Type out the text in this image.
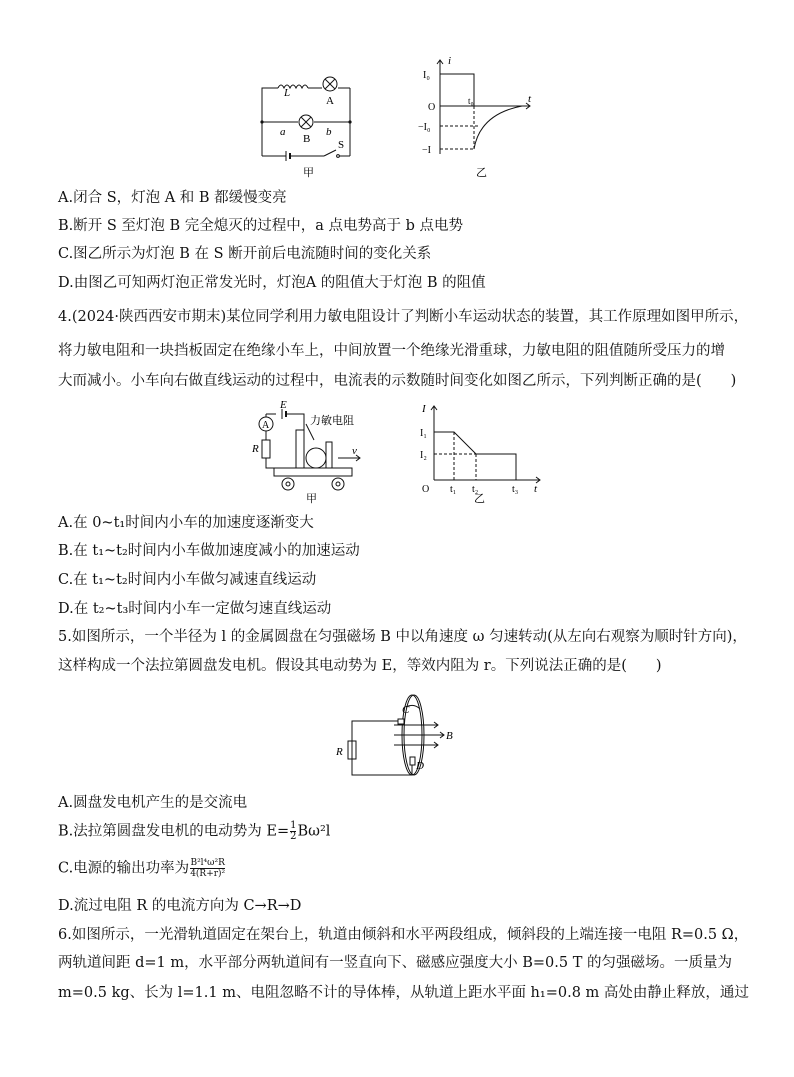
L
A
B
a	b
S
甲
i
I₀
O
t₀	t
−I₀
−I
乙
A.闭合 S，灯泡 A 和 B 都缓慢变亮
B.断开 S 至灯泡 B 完全熄灭的过程中，a 点电势高于 b 点电势
C.图乙所示为灯泡 B 在 S 断开前后电流随时间的变化关系
D.由图乙可知两灯泡正常发光时，灯泡A 的阻值大于灯泡 B 的阻值
4.(2024·陕西西安市期末)某位同学利用力敏电阻设计了判断小车运动状态的装置，其工作原理如图甲所示，
将力敏电阻和一块挡板固定在绝缘小车上，中间放置一个绝缘光滑重球，力敏电阻的阻值随所受压力的增
大而减小。小车向右做直线运动的过程中，电流表的示数随时间变化如图乙所示，下列判断正确的是(　　)
A
E
力敏电阻
R	v
甲
I
I₁
I₂
O t₁ t₂	t₃ t
乙
A.在 0~t₁时间内小车的加速度逐渐变大
B.在 t₁~t₂时间内小车做加速度减小的加速运动
C.在 t₁~t₂时间内小车做匀减速直线运动
D.在 t₂~t₃时间内小车一定做匀速直线运动
5.如图所示，一个半径为 l 的金属圆盘在匀强磁场 B 中以角速度 ω 匀速转动(从左向右观察为顺时针方向)，
这样构成一个法拉第圆盘发电机。假设其电动势为 E，等效内阻为 r。下列说法正确的是(　　)
R
C
B
D
A.圆盘发电机产生的是交流电
B.法拉第圆盘发电机的电动势为 $E= \frac{1}{2} B\omega^2l$
C.电源的输出功率为 $\frac{\text{B²l⁴ω²R}}{\text{4(R+r)²}}$
D.流过电阻 R 的电流方向为 C→R→D
6.如图所示，一光滑轨道固定在架台上，轨道由倾斜和水平两段组成，倾斜段的上端连接一电阻 R=0.5 Ω，
两轨道间距 d=1 m，水平部分两轨道间有一竖直向下、磁感应强度大小 B=0.5 T 的匀强磁场。一质量为
m=0.5 kg、长为 l=1.1 m、电阻忽略不计的导体棒，从轨道上距水平面 h₁=0.8 m 高处由静止释放，通过
